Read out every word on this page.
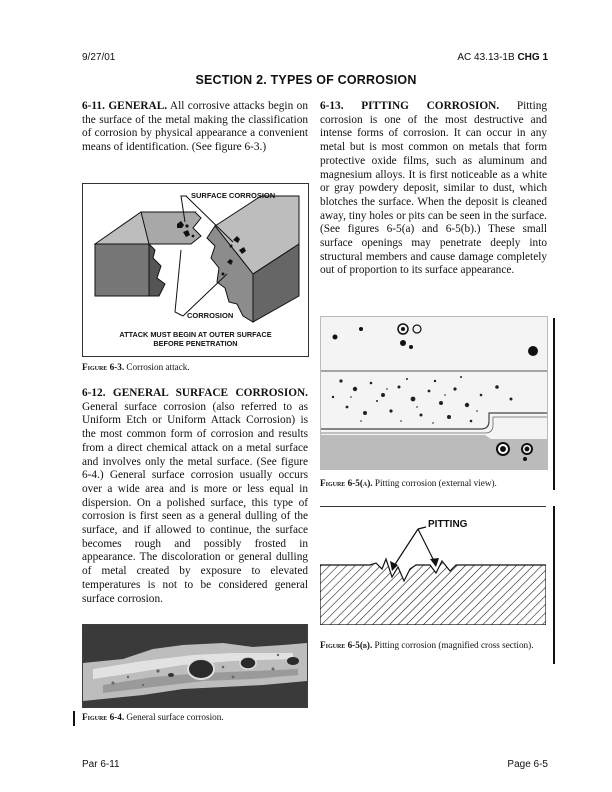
9/27/01	AC 43.13-1B CHG 1
SECTION 2. TYPES OF CORROSION

6-11. GENERAL. All corrosive attacks begin on the surface of the metal making the classification of corrosion by physical appearance a convenient means of identification. (See figure 6-3.)

SURFACE CORROSION
CORROSION
ATTACK MUST BEGIN AT OUTER SURFACE
BEFORE PENETRATION
Figure 6-3. Corrosion attack.

6-12. GENERAL SURFACE CORROSION. General surface corrosion (also referred to as Uniform Etch or Uniform Attack Corrosion) is the most common form of corrosion and results from a direct chemical attack on a metal surface and involves only the metal surface. (See figure 6-4.) General surface corrosion usually occurs over a wide area and is more or less equal in dispersion. On a polished surface, this type of corrosion is first seen as a general dulling of the surface, and if allowed to continue, the surface becomes rough and possibly frosted in appearance. The discoloration or general dulling of metal created by exposure to elevated temperatures is not to be considered general surface corrosion.

Figure 6-4. General surface corrosion.

6-13. PITTING CORROSION. Pitting corrosion is one of the most destructive and intense forms of corrosion. It can occur in any metal but is most common on metals that form protective oxide films, such as aluminum and magnesium alloys. It is first noticeable as a white or gray powdery deposit, similar to dust, which blotches the surface. When the deposit is cleaned away, tiny holes or pits can be seen in the surface. (See figures 6-5(a) and 6-5(b).) These small surface openings may penetrate deeply into structural members and cause damage completely out of proportion to its surface appearance.

Figure 6-5(a). Pitting corrosion (external view).
PITTING
Figure 6-5(b). Pitting corrosion (magnified cross section).
Par 6-11	Page 6-5
